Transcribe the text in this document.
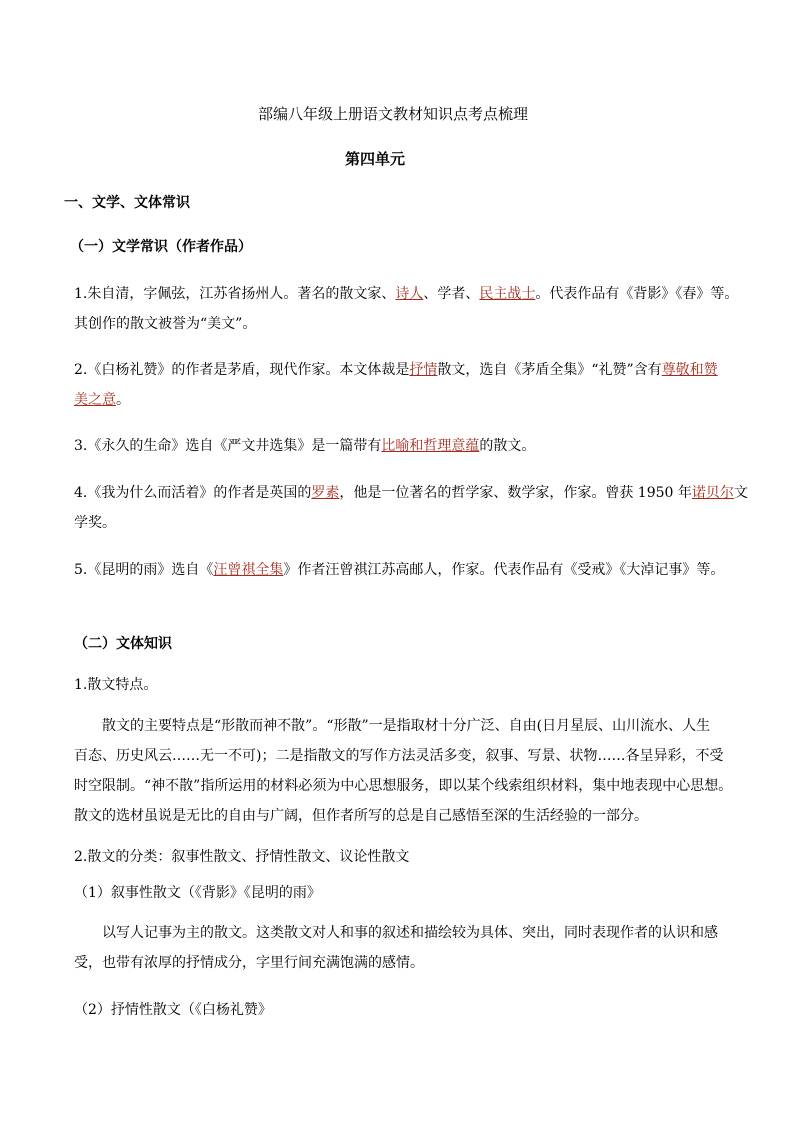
部编八年级上册语文教材知识点考点梳理
第四单元
一、文学、文体常识
（一）文学常识（作者作品）
1.朱自清，字佩弦，江苏省扬州人。著名的散文家、诗人、学者、民主战士。代表作品有《背影》《春》等。
其创作的散文被誉为“美文”。
2.《白杨礼赞》的作者是茅盾，现代作家。本文体裁是抒情散文，选自《茅盾全集》“礼赞”含有尊敬和赞
美之意。
3.《永久的生命》选自《严文井选集》是一篇带有比喻和哲理意蕴的散文。
4.《我为什么而活着》的作者是英国的罗素，他是一位著名的哲学家、数学家，作家。曾获 1950 年诺贝尔文
学奖。
5.《昆明的雨》选自《汪曾祺全集》作者汪曾祺江苏高邮人，作家。代表作品有《受戒》《大淖记事》等。
（二）文体知识
1.散文特点。
散文的主要特点是“形散而神不散”。“形散”一是指取材十分广泛、自由(日月星辰、山川流水、人生
百态、历史风云……无一不可)；二是指散文的写作方法灵活多变，叙事、写景、状物……各呈异彩，不受
时空限制。“神不散”指所运用的材料必须为中心思想服务，即以某个线索组织材料，集中地表现中心思想。
散文的选材虽说是无比的自由与广阔，但作者所写的总是自己感悟至深的生活经验的一部分。
2.散文的分类：叙事性散文、抒情性散文、议论性散文
（1）叙事性散文（《背影》《昆明的雨》
以写人记事为主的散文。这类散文对人和事的叙述和描绘较为具体、突出，同时表现作者的认识和感
受，也带有浓厚的抒情成分，字里行间充满饱满的感情。
（2）抒情性散文（《白杨礼赞》
